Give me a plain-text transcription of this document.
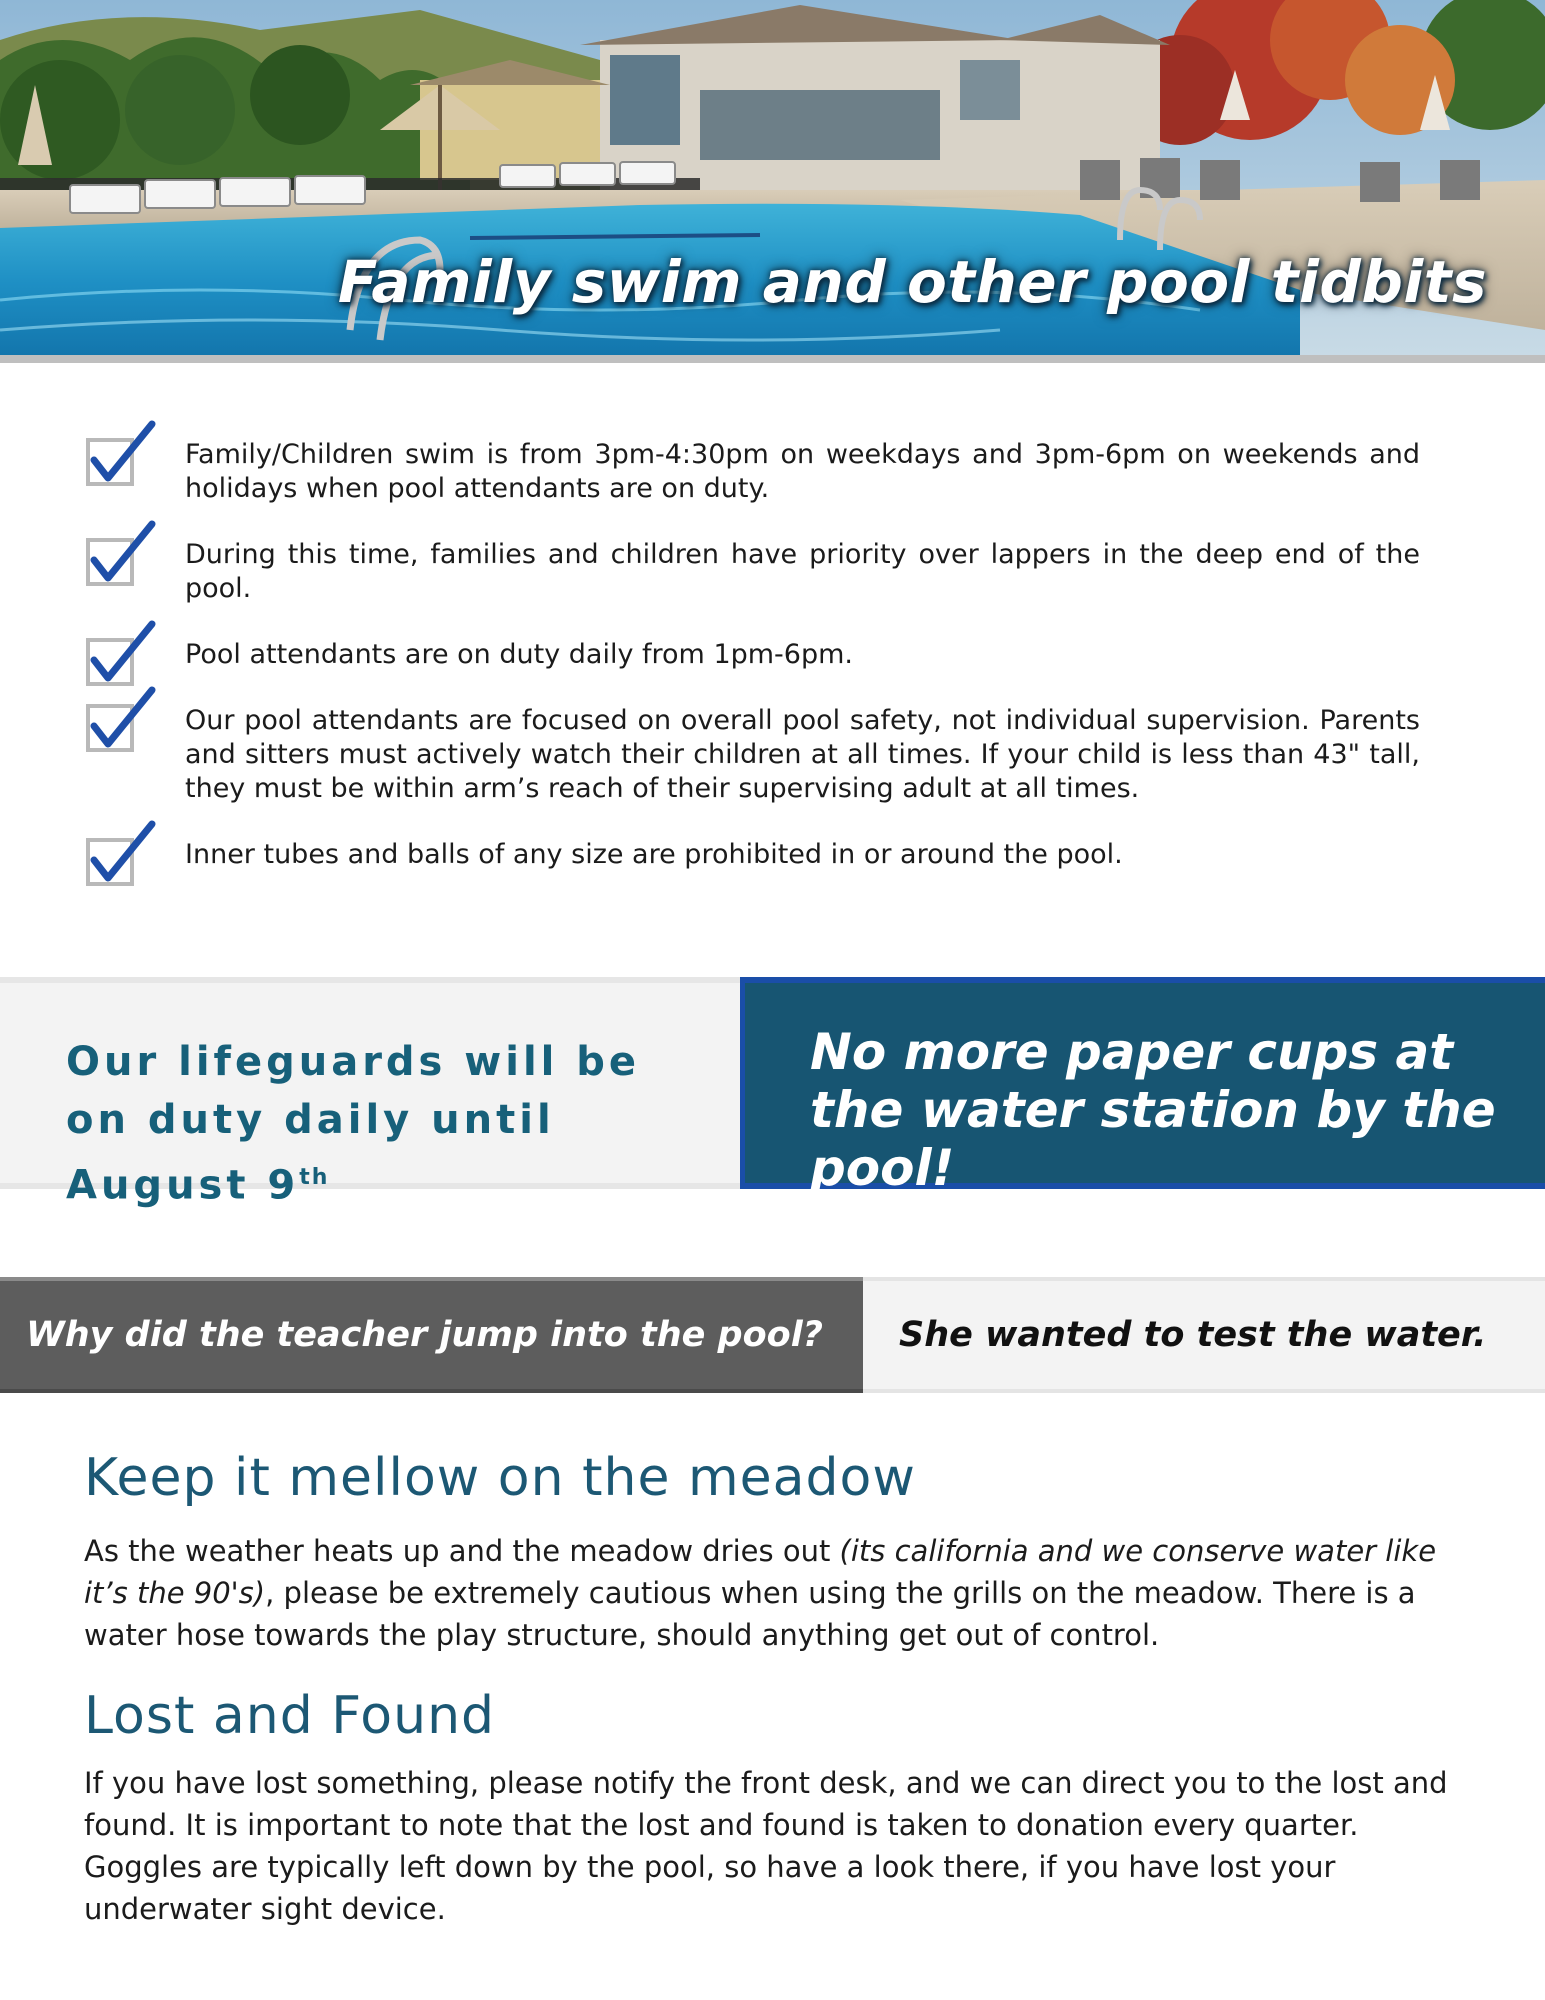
Family swim and other pool tidbits
Family/Children swim is from 3pm-4:30pm on weekdays and 3pm-6pm on weekends and holidays when pool attendants are on duty.
During this time, families and children have priority over lappers in the deep end of the pool.
Pool attendants are on duty daily from 1pm-6pm.
Our pool attendants are focused on overall pool safety, not individual supervision. Parents and sitters must actively watch their children at all times. If your child is less than 43" tall, they must be within arm’s reach of their supervising adult at all times.
Inner tubes and balls of any size are prohibited in or around the pool.

Our lifeguards will be on duty daily until August 9th

No more paper cups at the water station by the pool!

Why did the teacher jump into the pool? She wanted to test the water.

Keep it mellow on the meadow

As the weather heats up and the meadow dries out (its california and we conserve water like it’s the 90's), please be extremely cautious when using the grills on the meadow. There is a water hose towards the play structure, should anything get out of control.

Lost and Found

If you have lost something, please notify the front desk, and we can direct you to the lost and found. It is important to note that the lost and found is taken to donation every quarter. Goggles are typically left down by the pool, so have a look there, if you have lost your underwater sight device.
